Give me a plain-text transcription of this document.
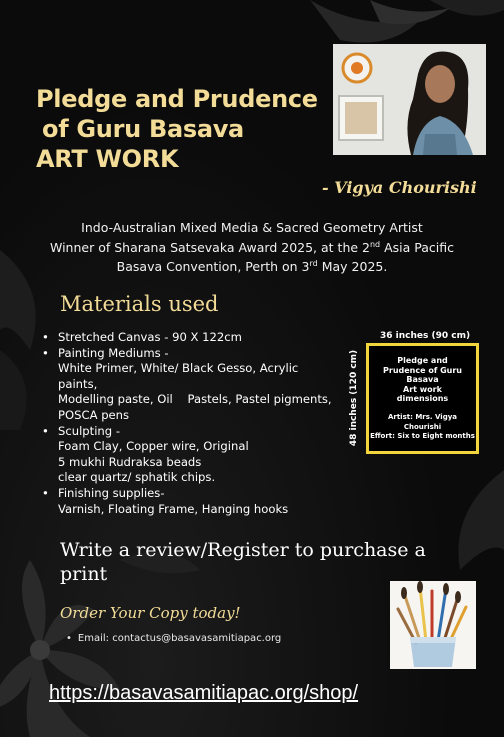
Pledge and Prudence
of Guru Basava
ART WORK
- Vigya Chourishi
Indo-Australian Mixed Media & Sacred Geometry Artist
Winner of Sharana Satsevaka Award 2025, at the 2nd Asia Pacific
Basava Convention, Perth on 3rd May 2025.
Materials used
• Stretched Canvas - 90 X 122cm
• Painting Mediums -
White Primer, White/ Black Gesso, Acrylic paints,
Modelling paste, Oil    Pastels, Pastel pigments,
POSCA pens
• Sculpting -
Foam Clay, Copper wire, Original
5 mukhi Rudraksa beads
clear quartz/ sphatik chips.
• Finishing supplies-
Varnish, Floating Frame, Hanging hooks
36 inches (90 cm)
48 inches (120 cm)	Pledge and
Prudence of Guru
Basava
Art work
dimensions
Artist: Mrs. Vigya Chourishi
Effort: Six to Eight months
Write a review/Register to purchase a print
Order Your Copy today!
• Email: contactus@basavasamitiapac.org
https://basavasamitiapac.org/shop/
